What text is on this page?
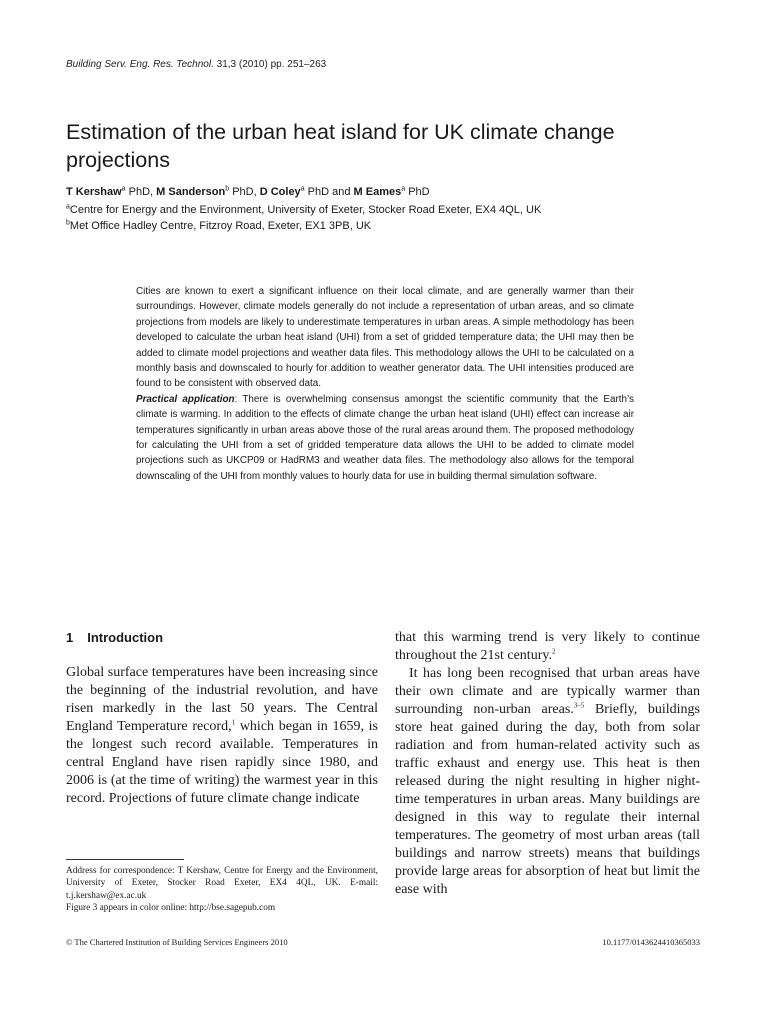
Building Serv. Eng. Res. Technol. 31,3 (2010) pp. 251–263
Estimation of the urban heat island for UK climate change projections
T Kershaw$^a$ PhD, M Sanderson$^b$ PhD, D Coley$^a$ PhD and M Eames$^a$ PhD
$^a$Centre for Energy and the Environment, University of Exeter, Stocker Road Exeter, EX4 4QL, UK
$^b$Met Office Hadley Centre, Fitzroy Road, Exeter, EX1 3PB, UK

Cities are known to exert a significant influence on their local climate, and are generally warmer than their surroundings. However, climate models generally do not include a representation of urban areas, and so climate projections from models are likely to underestimate temperatures in urban areas. A simple methodology has been developed to calculate the urban heat island (UHI) from a set of gridded temperature data; the UHI may then be added to climate model projections and weather data files. This methodology allows the UHI to be calculated on a monthly basis and downscaled to hourly for addition to weather generator data. The UHI intensities produced are found to be consistent with observed data.

Practical application: There is overwhelming consensus amongst the scientific community that the Earth’s climate is warming. In addition to the effects of climate change the urban heat island (UHI) effect can increase air temperatures significantly in urban areas above those of the rural areas around them. The proposed methodology for calculating the UHI from a set of gridded temperature data allows the UHI to be added to climate model projections such as UKCP09 or HadRM3 and weather data files. The methodology also allows for the temporal downscaling of the UHI from monthly values to hourly data for use in building thermal simulation software.

1 Introduction

Global surface temperatures have been increasing since the beginning of the industrial revolution, and have risen markedly in the last 50 years. The Central England Temperature record,$^1$ which began in 1659, is the longest such record available. Temperatures in central England have risen rapidly since 1980, and 2006 is (at the time of writing) the warmest year in this record. Projections of future climate change indicate

that this warming trend is very likely to continue throughout the 21st century.$^2$

It has long been recognised that urban areas have their own climate and are typically warmer than surrounding non-urban areas.$^{3-5}$ Briefly, buildings store heat gained during the day, both from solar radiation and from human-related activity such as traffic exhaust and energy use. This heat is then released during the night resulting in higher night-time temperatures in urban areas. Many buildings are designed in this way to regulate their internal temperatures. The geometry of most urban areas (tall buildings and narrow streets) means that buildings provide large areas for absorption of heat but limit the ease with

Address for correspondence: T Kershaw, Centre for Energy and the Environment, University of Exeter, Stocker Road Exeter, EX4 4QL, UK. E-mail: t.j.kershaw@ex.ac.uk

Figure 3 appears in color online: http://bse.sagepub.com

© The Chartered Institution of Building Services Engineers 2010	10.1177/0143624410365033
